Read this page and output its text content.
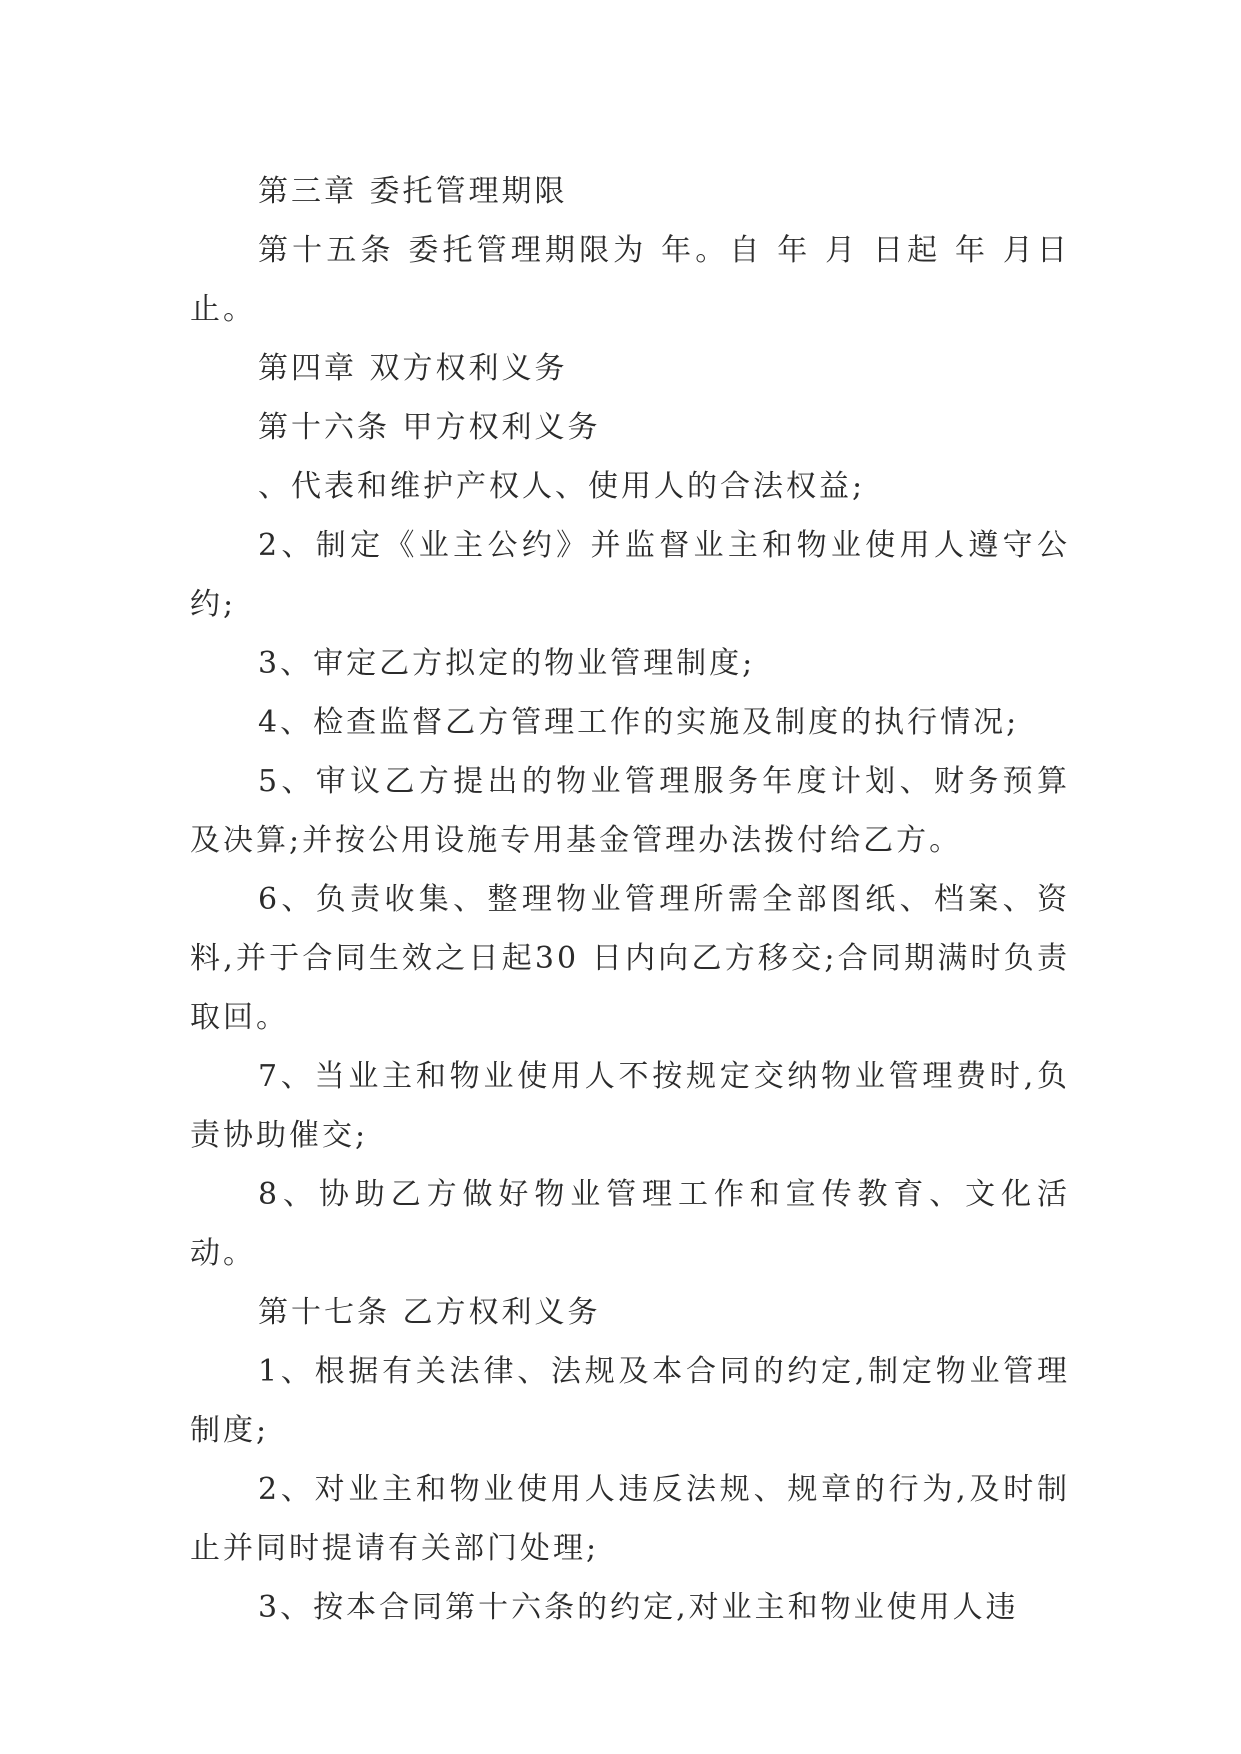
第三章 委托管理期限

第十五条 委托管理期限为 年。自 年 月 日起 年 月日止。

第四章 双方权利义务

第十六条 甲方权利义务

、代表和维护产权人、使用人的合法权益;

2、制定《业主公约》并监督业主和物业使用人遵守公约;

3、审定乙方拟定的物业管理制度;

4、检查监督乙方管理工作的实施及制度的执行情况;

5、审议乙方提出的物业管理服务年度计划、财务预算及决算;并按公用设施专用基金管理办法拨付给乙方。

6、负责收集、整理物业管理所需全部图纸、档案、资料,并于合同生效之日起30 日内向乙方移交;合同期满时负责取回。

7、当业主和物业使用人不按规定交纳物业管理费时,负责协助催交;

8、协助乙方做好物业管理工作和宣传教育、文化活动。

第十七条 乙方权利义务

1、根据有关法律、法规及本合同的约定,制定物业管理制度;

2、对业主和物业使用人违反法规、规章的行为,及时制止并同时提请有关部门处理;

3、按本合同第十六条的约定,对业主和物业使用人违
